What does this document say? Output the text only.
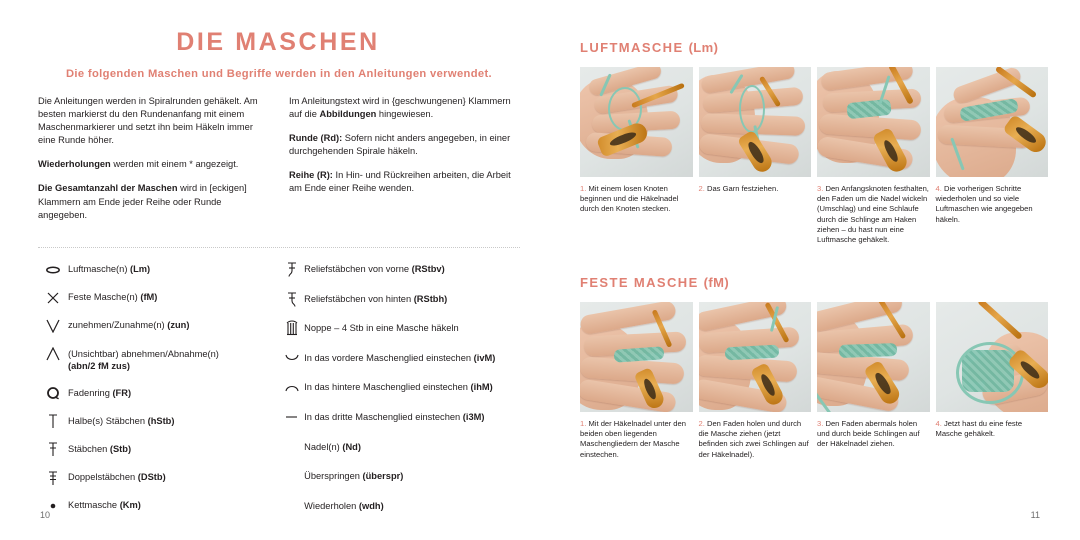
DIE MASCHEN
Die folgenden Maschen und Begriffe werden in den Anleitungen verwendet.

Die Anleitungen werden in Spiralrunden gehäkelt. Am besten markierst du den Rundenanfang mit einem Maschenmarkierer und setzt ihn beim Häkeln immer eine Runde höher.

Wiederholungen werden mit einem * angezeigt.

Die Gesamtanzahl der Maschen wird in [eckigen] Klammern am Ende jeder Reihe oder Runde angegeben.

Im Anleitungstext wird in {geschwungenen} Klammern auf die Abbildungen hingewiesen.

Runde (Rd): Sofern nicht anders angegeben, in einer durchgehenden Spirale häkeln.

Reihe (R): In Hin- und Rückreihen arbeiten, die Arbeit am Ende einer Reihe wenden.

Luftmasche(n) (Lm)
Feste Masche(n) (fM)
zunehmen/Zunahme(n) (zun)
(Unsichtbar) abnehmen/Abnahme(n)
(abn/2 fM zus)
Fadenring (FR)
Halbe(s) Stäbchen (hStb)
Stäbchen (Stb)
Doppelstäbchen (DStb)
Kettmasche (Km)
Reliefstäbchen von vorne (RStbv)
Reliefstäbchen von hinten (RStbh)
Noppe – 4 Stb in eine Masche häkeln
In das vordere Maschenglied einstechen (ivM)
In das hintere Maschenglied einstechen (ihM)
In das dritte Maschenglied einstechen (i3M)
Nadel(n) (Nd)
Überspringen (überspr)
Wiederholen (wdh)
10
LUFTMASCHE (Lm)
1. Mit einem losen Knoten beginnen und die Häkelnadel durch den Knoten stecken.
2. Das Garn festziehen.	3. Den Anfangsknoten festhalten, den Faden um die Nadel wickeln (Umschlag) und eine Schlaufe durch die Schlinge am Haken ziehen – du hast nun eine Luftmasche gehäkelt.
4. Die vorherigen Schritte wiederholen und so viele Luftmaschen wie angegeben häkeln.
FESTE MASCHE (fM)
1. Mit der Häkelnadel unter den beiden oben liegenden Maschengliedern der Masche einstechen.
2. Den Faden holen und durch die Masche ziehen (jetzt befinden sich zwei Schlingen auf der Häkelnadel).
3. Den Faden abermals holen und durch beide Schlingen auf der Häkelnadel ziehen.
4. Jetzt hast du eine feste Masche gehäkelt.
11
